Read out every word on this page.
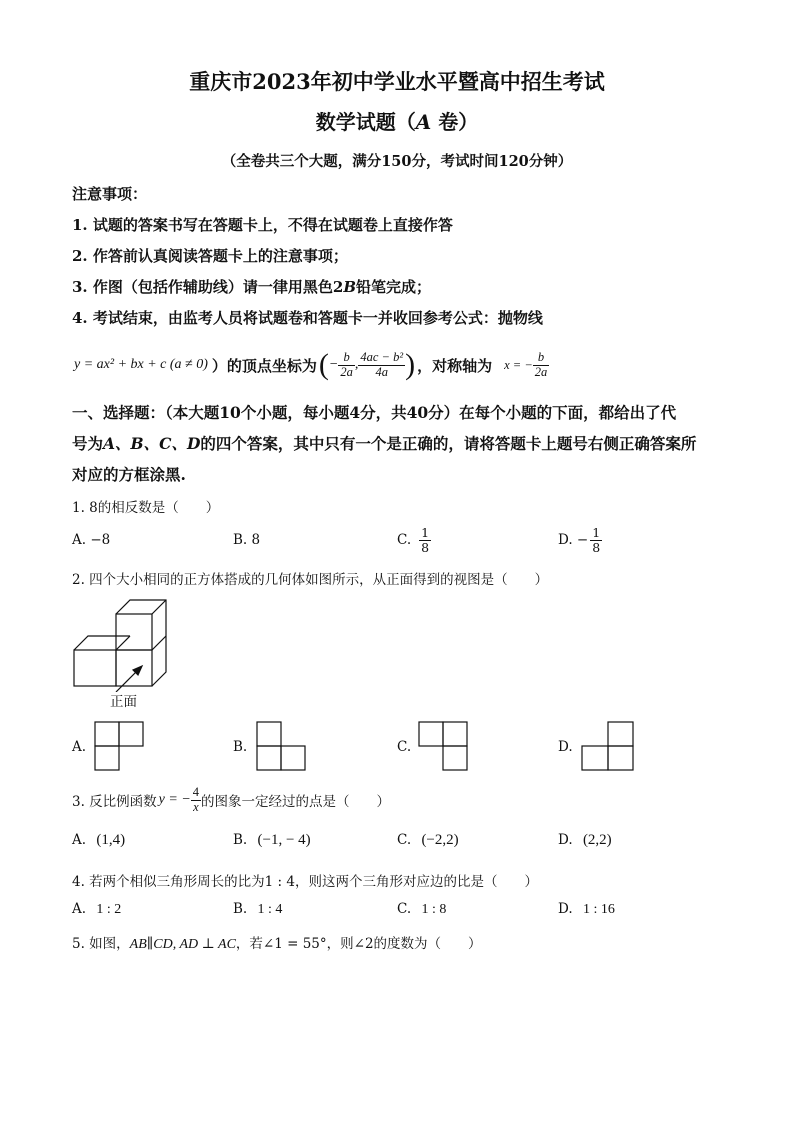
重庆市2023年初中学业水平暨高中招生考试
数学试题（A 卷）
（全卷共三个大题，满分150分，考试时间120分钟）
注意事项：
1. 试题的答案书写在答题卡上，不得在试题卷上直接作答
2. 作答前认真阅读答题卡上的注意事项；
3. 作图（包括作辅助线）请一律用黑色2B铅笔完成；
4. 考试结束，由监考人员将试题卷和答题卡一并收回参考公式：抛物线
y = ax² + bx + c (a ≠ 0) ）的顶点坐标为 ( − $\frac{b}{2a}$ , $\frac{\text{4ac − b²}}{4a}$ ) ，对称轴为 x = − $\frac{b}{2a}$
一、选择题：（本大题10个小题，每小题4分，共40分）在每个小题的下面，都给出了代
号为A、B、C、D的四个答案，其中只有一个是正确的，请将答题卡上题号右侧正确答案所
对应的方框涂黑.
1. 8的相反数是（　　）
A. −8	B. 8	C. $\frac{1}{8}$	D. − $\frac{1}{8}$
2. 四个大小相同的正方体搭成的几何体如图所示，从正面得到的视图是（　　）
正面
A.	B.	C.	D.
3. 反比例函数 y = − $\frac{4}{x}$ 的图象一定经过的点是（　　）
A. (1,4)	B. (−1, − 4)	C. (−2,2)	D. (2,2)
4. 若两个相似三角形周长的比为1 : 4，则这两个三角形对应边的比是（　　）
A. 1 : 2	B. 1 : 4	C. 1 : 8	D. 1 : 16
5. 如图，AB∥CD, AD ⊥ AC，若∠1 = 55°，则∠2的度数为（　　）
